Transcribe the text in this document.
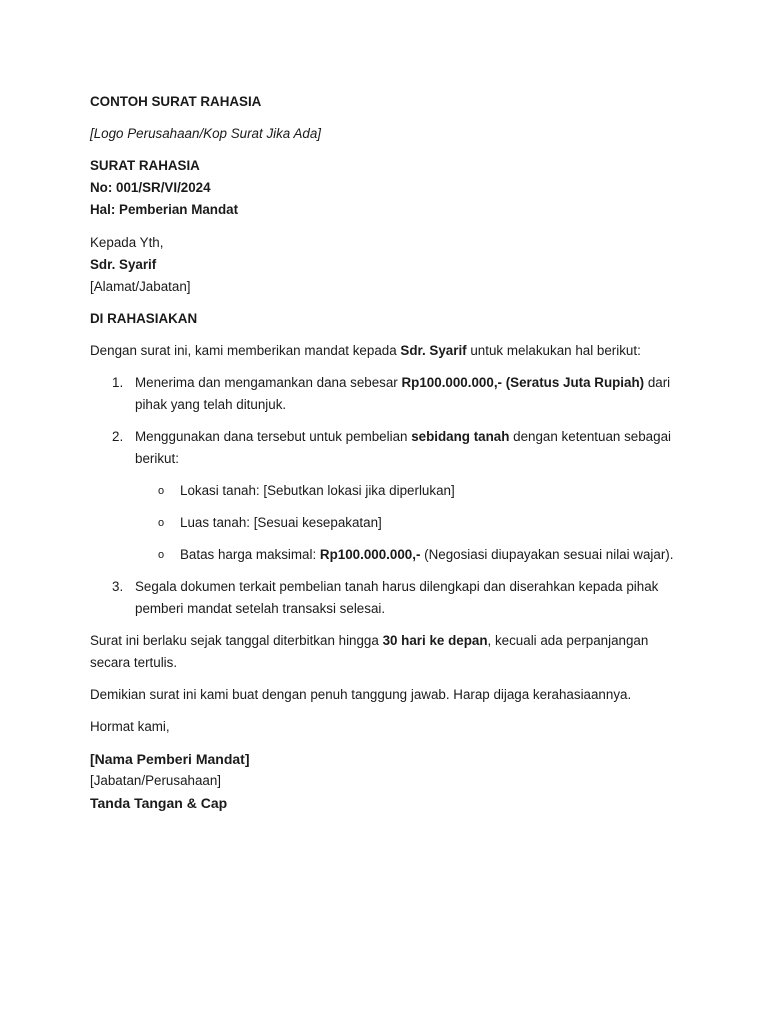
CONTOH SURAT RAHASIA
[Logo Perusahaan/Kop Surat Jika Ada]
SURAT RAHASIA
No: 001/SR/VI/2024
Hal: Pemberian Mandat
Kepada Yth,
Sdr. Syarif
[Alamat/Jabatan]
DI RAHASIAKAN

Dengan surat ini, kami memberikan mandat kepada Sdr. Syarif untuk melakukan hal berikut:

1. Menerima dan mengamankan dana sebesar Rp100.000.000,- (Seratus Juta Rupiah) dari pihak yang telah ditunjuk.
2. Menggunakan dana tersebut untuk pembelian sebidang tanah dengan ketentuan sebagai berikut:
o Lokasi tanah: [Sebutkan lokasi jika diperlukan]
o Luas tanah: [Sesuai kesepakatan]
o Batas harga maksimal: Rp100.000.000,- (Negosiasi diupayakan sesuai nilai wajar).
3. Segala dokumen terkait pembelian tanah harus dilengkapi dan diserahkan kepada pihak pemberi mandat setelah transaksi selesai.

Surat ini berlaku sejak tanggal diterbitkan hingga 30 hari ke depan, kecuali ada perpanjangan secara tertulis.

Demikian surat ini kami buat dengan penuh tanggung jawab. Harap dijaga kerahasiaannya.

Hormat kami,

[Nama Pemberi Mandat]
[Jabatan/Perusahaan]
Tanda Tangan & Cap
